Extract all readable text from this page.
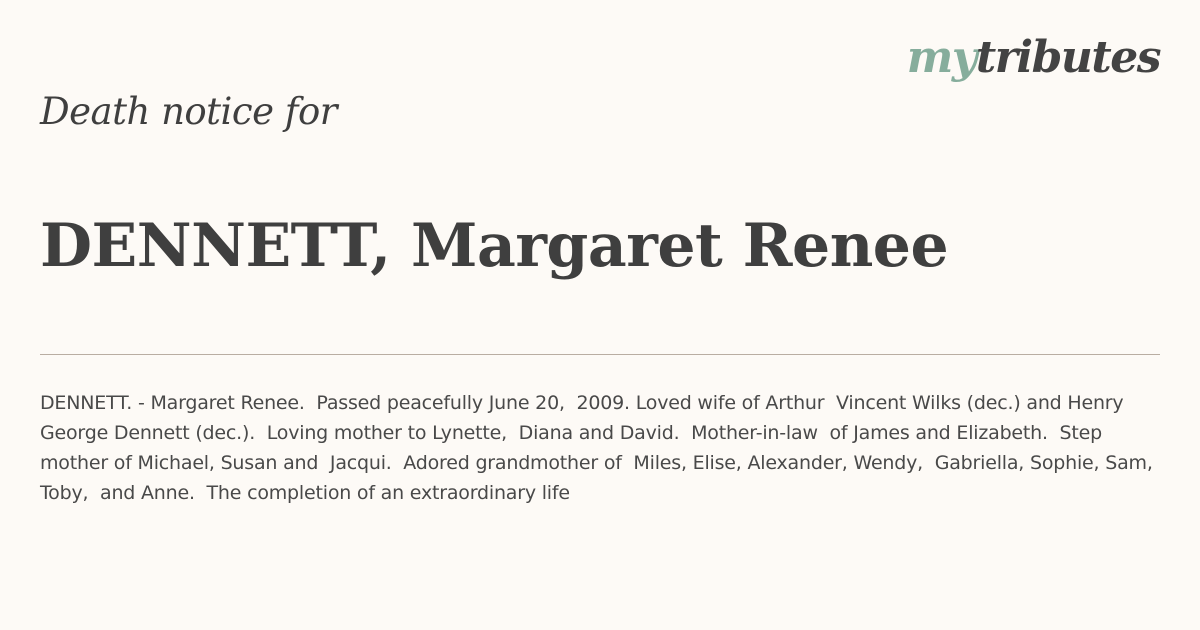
mytributes
Death notice for
DENNETT, Margaret Renee

DENNETT. - Margaret Renee.  Passed peacefully June 20,  2009. Loved wife of Arthur  Vincent Wilks (dec.) and Henry  George Dennett (dec.).  Loving mother to Lynette,  Diana and David.  Mother-in-law  of James and Elizabeth.  Step  mother of Michael, Susan and  Jacqui.  Adored grandmother of  Miles, Elise, Alexander, Wendy,  Gabriella, Sophie, Sam, Toby,  and Anne.  The completion of an extraordinary life
